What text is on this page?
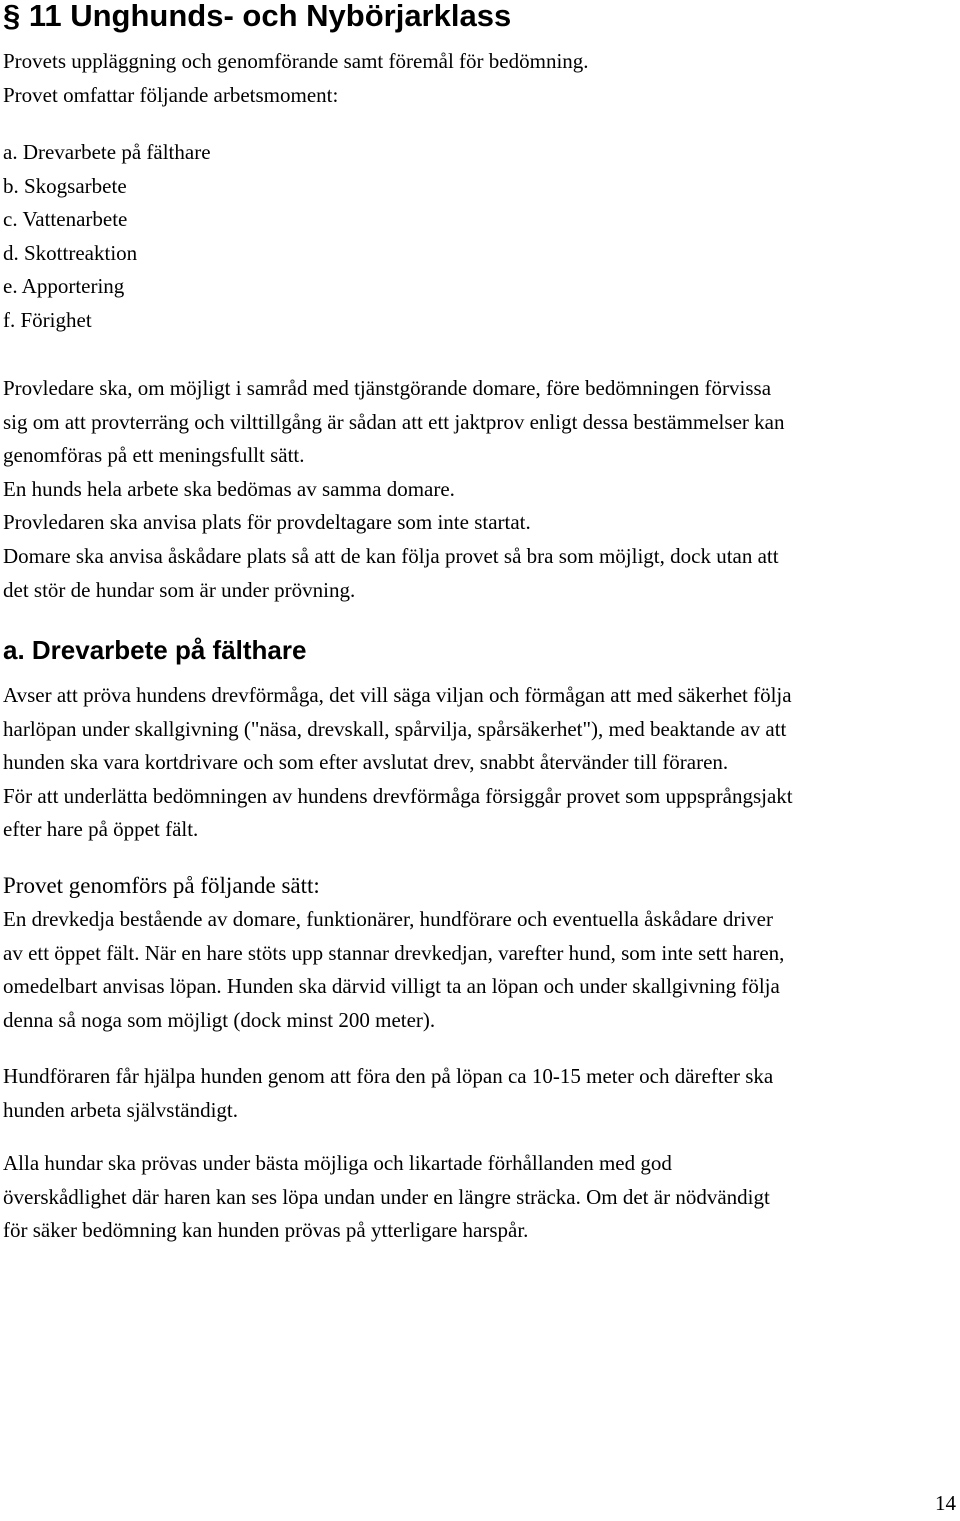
§ 11 Unghunds- och Nybörjarklass

Provets uppläggning och genomförande samt föremål för bedömning.
Provet omfattar följande arbetsmoment:

a. Drevarbete på fälthare
b. Skogsarbete
c. Vattenarbete
d. Skottreaktion
e. Apportering
f. Förighet

Provledare ska, om möjligt i samråd med tjänstgörande domare, före bedömningen förvissa
sig om att provterräng och vilttillgång är sådan att ett jaktprov enligt dessa bestämmelser kan
genomföras på ett meningsfullt sätt.
En hunds hela arbete ska bedömas av samma domare.
Provledaren ska anvisa plats för provdeltagare som inte startat.
Domare ska anvisa åskådare plats så att de kan följa provet så bra som möjligt, dock utan att
det stör de hundar som är under prövning.

a. Drevarbete på fälthare

Avser att pröva hundens drevförmåga, det vill säga viljan och förmågan att med säkerhet följa
harlöpan under skallgivning ("näsa, drevskall, spårvilja, spårsäkerhet"), med beaktande av att
hunden ska vara kortdrivare och som efter avslutat drev, snabbt återvänder till föraren.
För att underlätta bedömningen av hundens drevförmåga försiggår provet som uppsprångsjakt
efter hare på öppet fält.

Provet genomförs på följande sätt:

En drevkedja bestående av domare, funktionärer, hundförare och eventuella åskådare driver
av ett öppet fält. När en hare stöts upp stannar drevkedjan, varefter hund, som inte sett haren,
omedelbart anvisas löpan. Hunden ska därvid villigt ta an löpan och under skallgivning följa
denna så noga som möjligt (dock minst 200 meter).

Hundföraren får hjälpa hunden genom att föra den på löpan ca 10-15 meter och därefter ska
hunden arbeta självständigt.

Alla hundar ska prövas under bästa möjliga och likartade förhållanden med god
överskådlighet där haren kan ses löpa undan under en längre sträcka. Om det är nödvändigt
för säker bedömning kan hunden prövas på ytterligare harspår.

14
